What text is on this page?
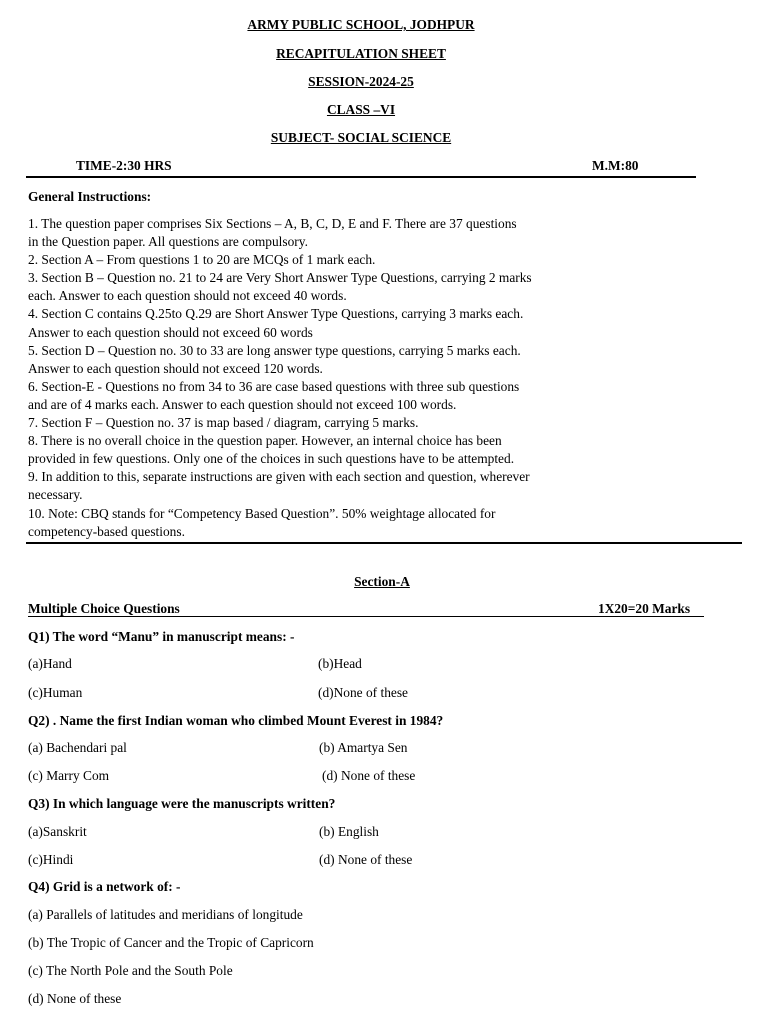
ARMY PUBLIC SCHOOL, JODHPUR
RECAPITULATION SHEET
SESSION-2024-25
CLASS –VI
SUBJECT- SOCIAL SCIENCE
TIME-2:30 HRS	M.M:80
General Instructions:
1. The question paper comprises Six Sections – A, B, C, D, E and F. There are 37 questions
in the Question paper. All questions are compulsory.
2. Section A – From questions 1 to 20 are MCQs of 1 mark each.
3. Section B – Question no. 21 to 24 are Very Short Answer Type Questions, carrying 2 marks
each. Answer to each question should not exceed 40 words.
4. Section C contains Q.25to Q.29 are Short Answer Type Questions, carrying 3 marks each.
Answer to each question should not exceed 60 words
5. Section D – Question no. 30 to 33 are long answer type questions, carrying 5 marks each.
Answer to each question should not exceed 120 words.
6. Section-E - Questions no from 34 to 36 are case based questions with three sub questions
and are of 4 marks each. Answer to each question should not exceed 100 words.
7. Section F – Question no. 37 is map based / diagram, carrying 5 marks.
8. There is no overall choice in the question paper. However, an internal choice has been
provided in few questions. Only one of the choices in such questions have to be attempted.
9. In addition to this, separate instructions are given with each section and question, wherever
necessary.
10. Note: CBQ stands for “Competency Based Question”. 50% weightage allocated for
competency-based questions.
Section-A
Multiple Choice Questions	1X20=20 Marks
Q1) The word “Manu” in manuscript means: -
(a)Hand	(b)Head
(c)Human	(d)None of these
Q2) . Name the first Indian woman who climbed Mount Everest in 1984?
(a) Bachendari pal	(b) Amartya Sen
(c) Marry Com	(d) None of these
Q3) In which language were the manuscripts written?
(a)Sanskrit	(b) English
(c)Hindi	(d) None of these
Q4) Grid is a network of: -
(a) Parallels of latitudes and meridians of longitude
(b) The Tropic of Cancer and the Tropic of Capricorn
(c) The North Pole and the South Pole
(d) None of these
